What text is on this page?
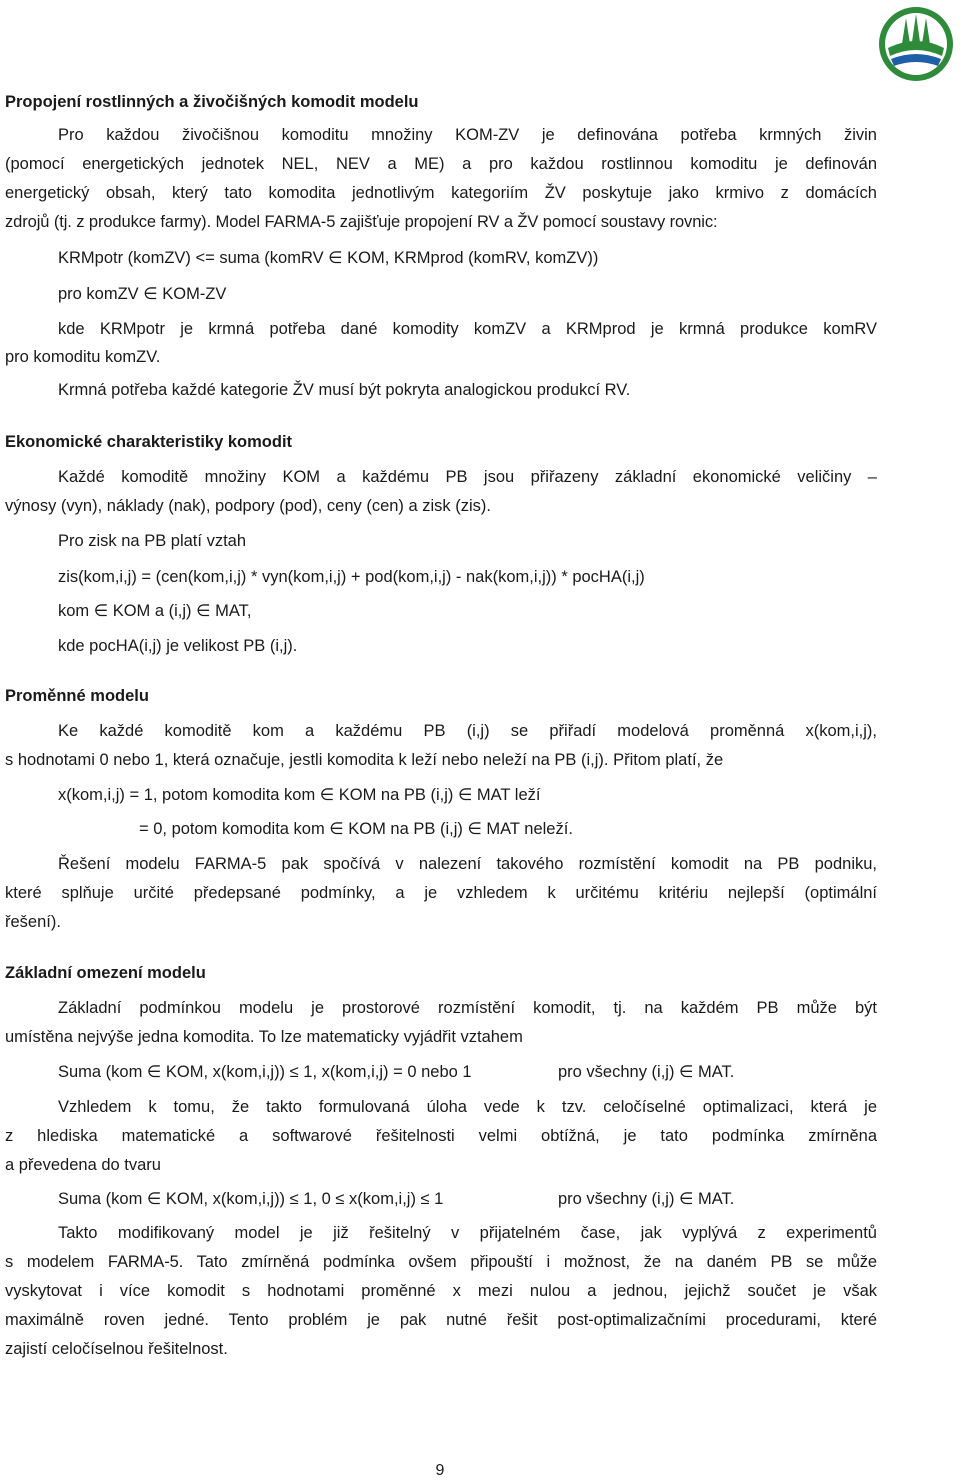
Propojení rostlinných a živočišných komodit modelu
Pro každou živočišnou komoditu množiny KOM-ZV je definována potřeba krmných živin
(pomocí energetických jednotek NEL, NEV a ME) a pro každou rostlinnou komoditu je definován
energetický obsah, který tato komodita jednotlivým kategoriím ŽV poskytuje jako krmivo z domácích
zdrojů (tj. z produkce farmy). Model FARMA-5 zajišťuje propojení RV a ŽV pomocí soustavy rovnic:
KRMpotr (komZV) <= suma (komRV ∈ KOM, KRMprod (komRV, komZV))
pro komZV ∈ KOM-ZV
kde KRMpotr je krmná potřeba dané komodity komZV a KRMprod je krmná produkce komRV
pro komoditu komZV.
Krmná potřeba každé kategorie ŽV musí být pokryta analogickou produkcí RV.
Ekonomické charakteristiky komodit
Každé komoditě množiny KOM a každému PB jsou přiřazeny základní ekonomické veličiny –
výnosy (vyn), náklady (nak), podpory (pod), ceny (cen) a zisk (zis).
Pro zisk na PB platí vztah
zis(kom,i,j) = (cen(kom,i,j) * vyn(kom,i,j) + pod(kom,i,j) - nak(kom,i,j)) * pocHA(i,j)
kom ∈ KOM a (i,j) ∈ MAT,
kde pocHA(i,j) je velikost PB (i,j).
Proměnné modelu
Ke každé komoditě kom a každému PB (i,j) se přiřadí modelová proměnná x(kom,i,j),
s hodnotami 0 nebo 1, která označuje, jestli komodita k leží nebo neleží na PB (i,j). Přitom platí, že
x(kom,i,j) = 1, potom komodita kom ∈ KOM na PB (i,j) ∈ MAT leží
= 0, potom komodita kom ∈ KOM na PB (i,j) ∈ MAT neleží.
Řešení modelu FARMA-5 pak spočívá v nalezení takového rozmístění komodit na PB podniku,
které splňuje určité předepsané podmínky, a je vzhledem k určitému kritériu nejlepší (optimální
řešení).
Základní omezení modelu
Základní podmínkou modelu je prostorové rozmístění komodit, tj. na každém PB může být
umístěna nejvýše jedna komodita. To lze matematicky vyjádřit vztahem
Suma (kom ∈ KOM, x(kom,i,j)) ≤ 1, x(kom,i,j) = 0 nebo 1	pro všechny (i,j) ∈ MAT.
Vzhledem k tomu, že takto formulovaná úloha vede k tzv. celočíselné optimalizaci, která je
z hlediska matematické a softwarové řešitelnosti velmi obtížná, je tato podmínka zmírněna
a převedena do tvaru
Suma (kom ∈ KOM, x(kom,i,j)) ≤ 1, 0 ≤ x(kom,i,j) ≤ 1	pro všechny (i,j) ∈ MAT.
Takto modifikovaný model je již řešitelný v přijatelném čase, jak vyplývá z experimentů
s modelem FARMA-5. Tato zmírněná podmínka ovšem připouští i možnost, že na daném PB se může
vyskytovat i více komodit s hodnotami proměnné x mezi nulou a jednou, jejichž součet je však
maximálně roven jedné. Tento problém je pak nutné řešit post-optimalizačními procedurami, které
zajistí celočíselnou řešitelnost.
9
